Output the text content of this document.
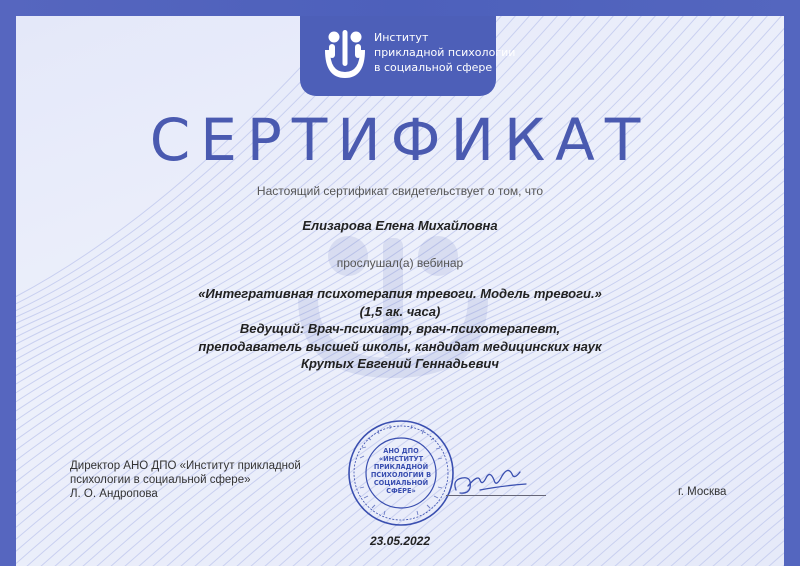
Институт
прикладной психологии
в социальной сфере
СЕРТИФИКАТ
Настоящий сертификат свидетельствует о том, что
Елизарова Елена Михайловна
прослушал(а) вебинар
«Интегративная психотерапия тревоги. Модель тревоги.»
(1,5 ак. часа)
Ведущий: Врач-психиатр, врач-психотерапевт,
преподаватель высшей школы, кандидат медицинских наук
Крутых Евгений Геннадьевич
Директор АНО ДПО «Институт прикладной
психологии в социальной сфере»
Л. О. Андропова
АНО ДПО
«ИНСТИТУТ
ПРИКЛАДНОЙ
ПСИХОЛОГИИ В
СОЦИАЛЬНОЙ
СФЕРЕ»	г. Москва
23.05.2022
